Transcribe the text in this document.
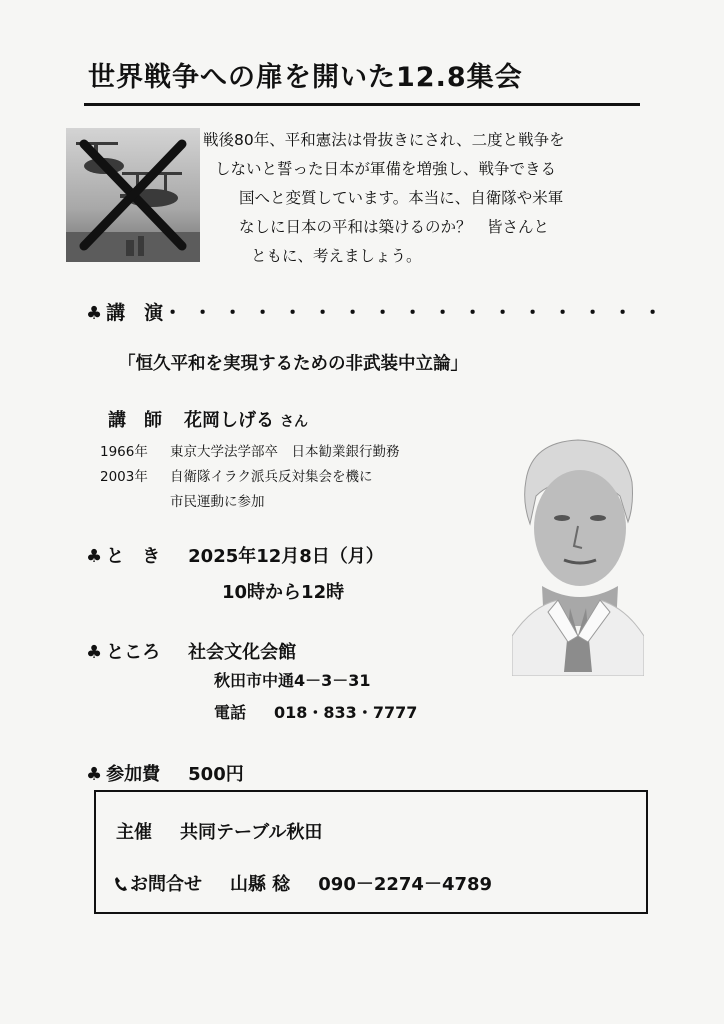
世界戦争への扉を開いた12.8集会
戦後80年、平和憲法は骨抜きにされ、二度と戦争を
しないと誓った日本が軍備を増強し、戦争できる
国へと変質しています。本当に、自衛隊や米軍
なしに日本の平和は築けるのか？　皆さんと
ともに、考えましょう。
♣ 講　演・・・・・・・・・・・・・・・・・
「恒久平和を実現するための非武装中立論」
講　師 花岡しげる さん
1966年 東京大学法学部卒　日本勧業銀行勤務
2003年 自衛隊イラク派兵反対集会を機に
市民運動に参加
♣ と　き 2025年12月8日（月）
10時から12時
♣ ところ 社会文化会館
秋田市中通4－3－31
電話 018・833・7777
♣ 参加費 500円
主催 共同テーブル秋田
お問合せ 山縣 稔 090－2274－4789
